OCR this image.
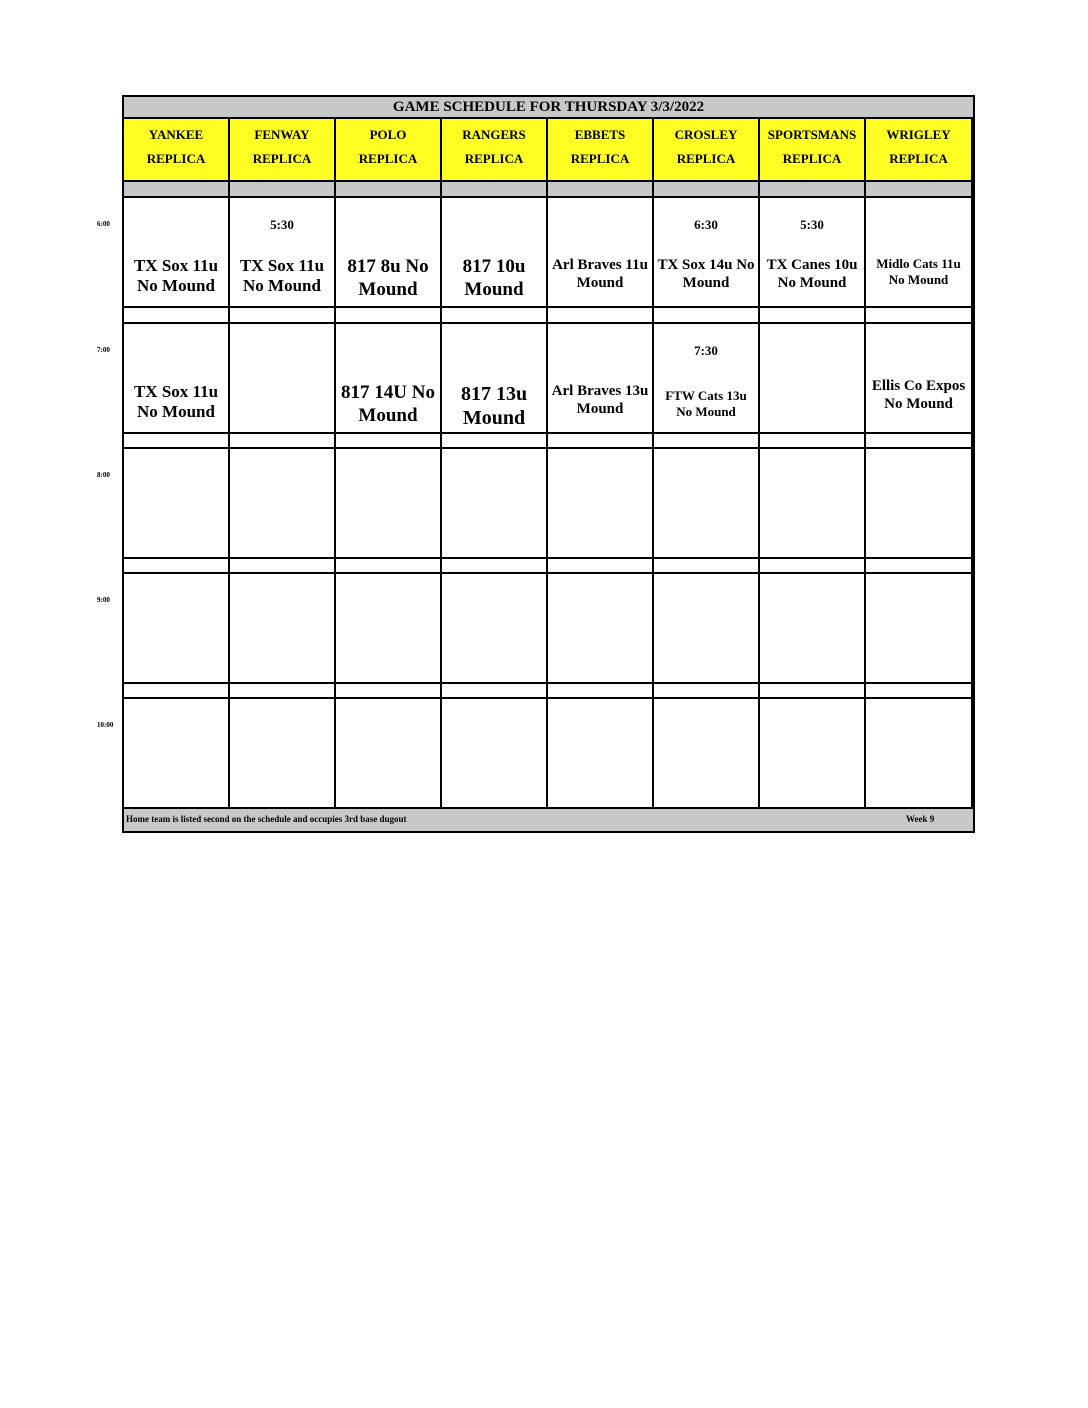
GAME SCHEDULE FOR THURSDAY 3/3/2022
YANKEE
REPLICA
FENWAY
REPLICA
POLO
REPLICA
RANGERS
REPLICA
EBBETS
REPLICA
CROSLEY
REPLICA
SPORTSMANS
REPLICA
WRIGLEY
REPLICA
6:00
7:00
8:00
9:00
10:00
TX Sox 11u No Mound
5:30
TX Sox 11u No Mound
817 8u No Mound
817 10u Mound
Arl Braves 11u Mound
6:30
TX Sox 14u No Mound
5:30
TX Canes 10u No Mound
Midlo Cats 11u No Mound
TX Sox 11u No Mound
817 14U No Mound
817 13u Mound
Arl Braves 13u Mound
7:30
FTW Cats 13u No Mound
Ellis Co Expos No Mound
Home team is listed second on the schedule and occupies 3rd base dugout	Week 9
